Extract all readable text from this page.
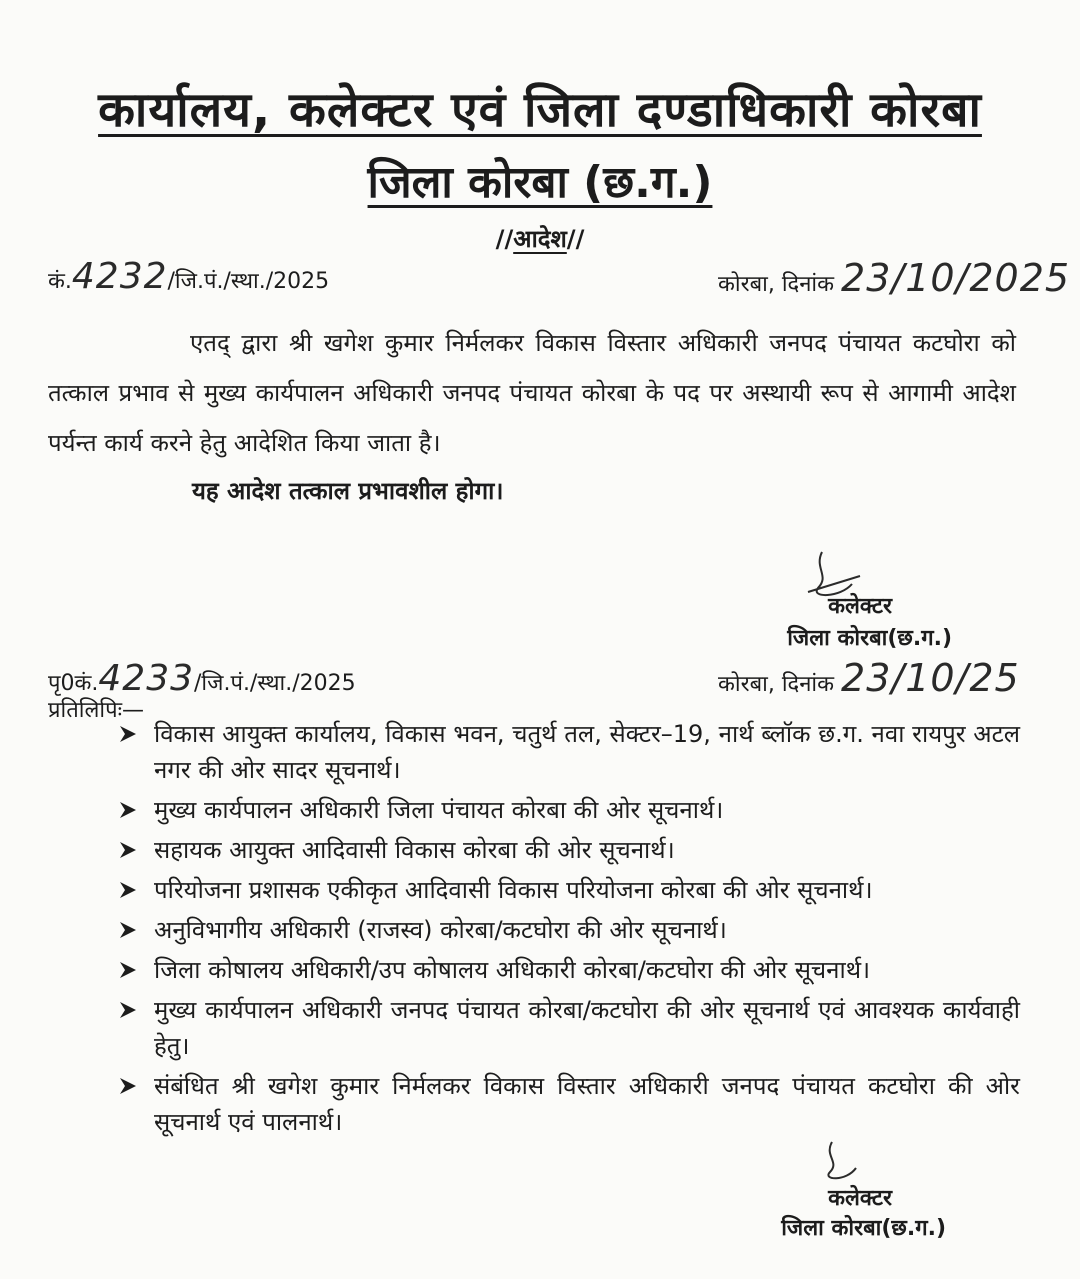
कार्यालय, कलेक्टर एवं जिला दण्डाधिकारी कोरबा
जिला कोरबा (छ.ग.)
//आदेश//
कं.4232/जि.पं./स्था./2025	कोरबा, दिनांक 23/10/2025
एतद् द्वारा श्री खगेश कुमार निर्मलकर विकास विस्तार अधिकारी जनपद पंचायत कटघोरा को तत्काल प्रभाव से मुख्य कार्यपालन अधिकारी जनपद पंचायत कोरबा के पद पर अस्थायी रूप से आगामी आदेश पर्यन्त कार्य करने हेतु आदेशित किया जाता है।
यह आदेश तत्काल प्रभावशील होगा।
कलेक्टर
जिला कोरबा(छ.ग.)
पृ0कं.4233/जि.पं./स्था./2025	कोरबा, दिनांक 23/10/25
प्रतिलिपिः—
विकास आयुक्त कार्यालय, विकास भवन, चतुर्थ तल, सेक्टर–19, नार्थ ब्लॉक छ.ग. नवा रायपुर अटल नगर की ओर सादर सूचनार्थ।
मुख्य कार्यपालन अधिकारी जिला पंचायत कोरबा की ओर सूचनार्थ।
सहायक आयुक्त आदिवासी विकास कोरबा की ओर सूचनार्थ।
परियोजना प्रशासक एकीकृत आदिवासी विकास परियोजना कोरबा की ओर सूचनार्थ।
अनुविभागीय अधिकारी (राजस्व) कोरबा/कटघोरा की ओर सूचनार्थ।
जिला कोषालय अधिकारी/उप कोषालय अधिकारी कोरबा/कटघोरा की ओर सूचनार्थ।
मुख्य कार्यपालन अधिकारी जनपद पंचायत कोरबा/कटघोरा की ओर सूचनार्थ एवं आवश्यक कार्यवाही हेतु।
संबंधित श्री खगेश कुमार निर्मलकर विकास विस्तार अधिकारी जनपद पंचायत कटघोरा की ओर सूचनार्थ एवं पालनार्थ।
कलेक्टर
जिला कोरबा(छ.ग.)
